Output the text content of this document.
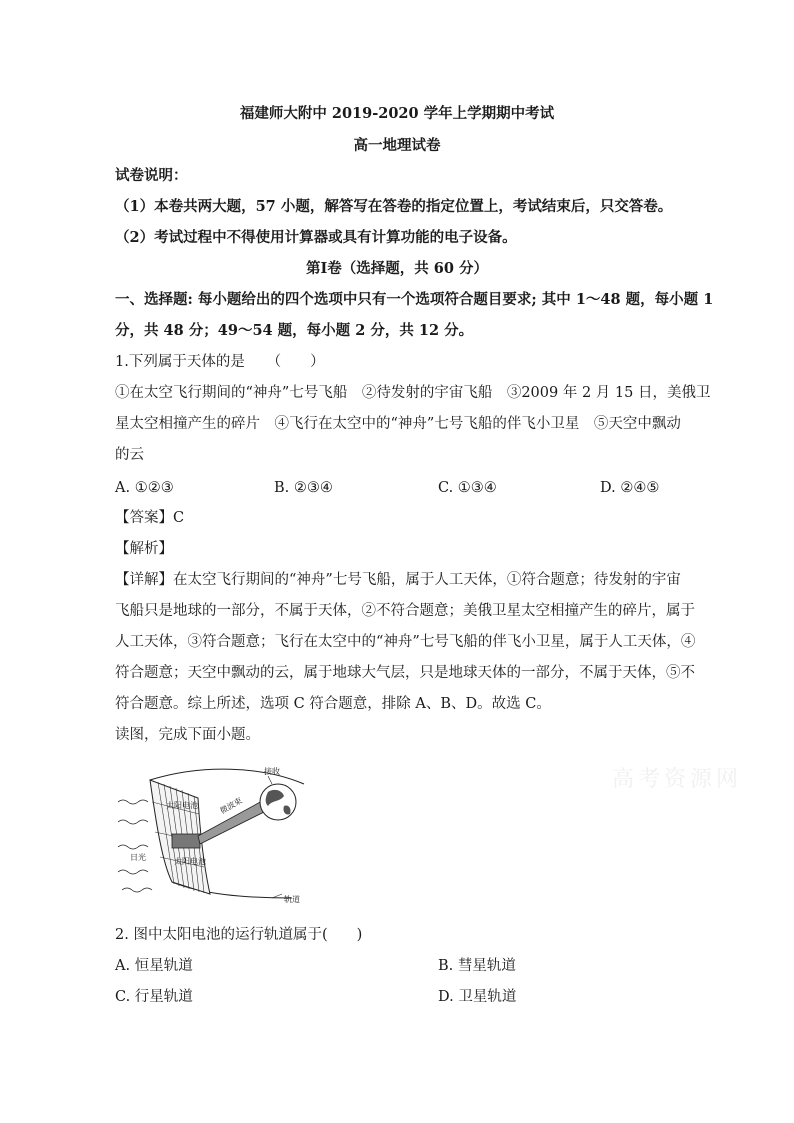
福建师大附中 2019-2020 学年上学期期中考试
高一地理试卷
试卷说明：
（1）本卷共两大题，57 小题，解答写在答卷的指定位置上，考试结束后，只交答卷。
（2）考试过程中不得使用计算器或具有计算功能的电子设备。
第Ⅰ卷（选择题，共 60 分）
一、选择题: 每小题给出的四个选项中只有一个选项符合题目要求; 其中 1～48 题，每小题 1
分，共 48 分；49～54 题，每小题 2 分，共 12 分。
1.下列属于天体的是　　（　　）
①在太空飞行期间的“神舟”七号飞船　②待发射的宇宙飞船　③2009 年 2 月 15 日，美俄卫
星太空相撞产生的碎片　④飞行在太空中的“神舟”七号飞船的伴飞小卫星　⑤天空中飘动
的云
A. ①②③	B. ②③④	C. ①③④	D. ②④⑤
【答案】C
【解析】
【详解】在太空飞行期间的“神舟”七号飞船，属于人工天体，①符合题意；待发射的宇宙
飞船只是地球的一部分，不属于天体，②不符合题意；美俄卫星太空相撞产生的碎片，属于
人工天体，③符合题意；飞行在太空中的“神舟”七号飞船的伴飞小卫星，属于人工天体，④
符合题意；天空中飘动的云，属于地球大气层，只是地球天体的一部分，不属于天体，⑤不
符合题意。综上所述，选项 C 符合题意，排除 A、B、D。故选 C。
读图，完成下面小题。
接收
太阳电池	微波束
日光	太阳电池
轨道
高考资源网
2. 图中太阳电池的运行轨道属于(　　)
A. 恒星轨道	B. 彗星轨道
C. 行星轨道	D. 卫星轨道
